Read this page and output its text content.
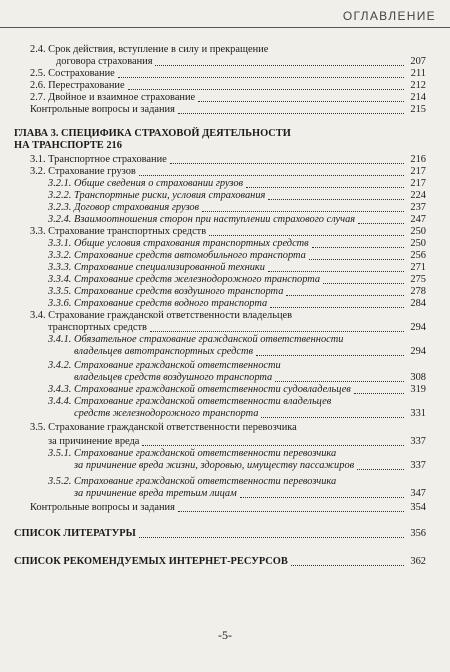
ОГЛАВЛЕНИЕ
2.4. Срок действия, вступление в силу и прекращение
договора страхования	207
2.5. Сострахование	211
2.6. Перестрахование	212
2.7. Двойное и взаимное страхование	214
Контрольные вопросы и задания	215
ГЛАВА 3. СПЕЦИФИКА СТРАХОВОЙ ДЕЯТЕЛЬНОСТИ
НА ТРАНСПОРТЕ 216
3.1. Транспортное страхование	216
3.2. Страхование грузов	217
3.2.1. Общие сведения о страховании грузов	217
3.2.2. Транспортные риски, условия страхования	224
3.2.3. Договор страхования грузов	237
3.2.4. Взаимоотношения сторон при наступлении страхового случая	247
3.3. Страхование транспортных средств	250
3.3.1. Общие условия страхования транспортных средств	250
3.3.2. Страхование средств автомобильного транспорта	256
3.3.3. Страхование специализированной техники	271
3.3.4. Страхование средств железнодорожного транспорта	275
3.3.5. Страхование средств воздушного транспорта	278
3.3.6. Страхование средств водного транспорта	284
3.4. Страхование гражданской ответственности владельцев
транспортных средств	294
3.4.1. Обязательное страхование гражданской ответственности
владельцев автотранспортных средств	294
3.4.2. Страхование гражданской ответственности
владельцев средств воздушного транспорта	308
3.4.3. Страхование гражданской ответственности судовладельцев	319
3.4.4. Страхование гражданской ответственности владельцев
средств железнодорожного транспорта	331
3.5. Страхование гражданской ответственности перевозчика
за причинение вреда	337
3.5.1. Страхование гражданской ответственности перевозчика
за причинение вреда жизни, здоровью, имуществу пассажиров	337
3.5.2. Страхование гражданской ответственности перевозчика
за причинение вреда третьим лицам	347
Контрольные вопросы и задания	354
СПИСОК ЛИТЕРАТУРЫ	356
СПИСОК РЕКОМЕНДУЕМЫХ ИНТЕРНЕТ-РЕСУРСОВ	362
-5-
